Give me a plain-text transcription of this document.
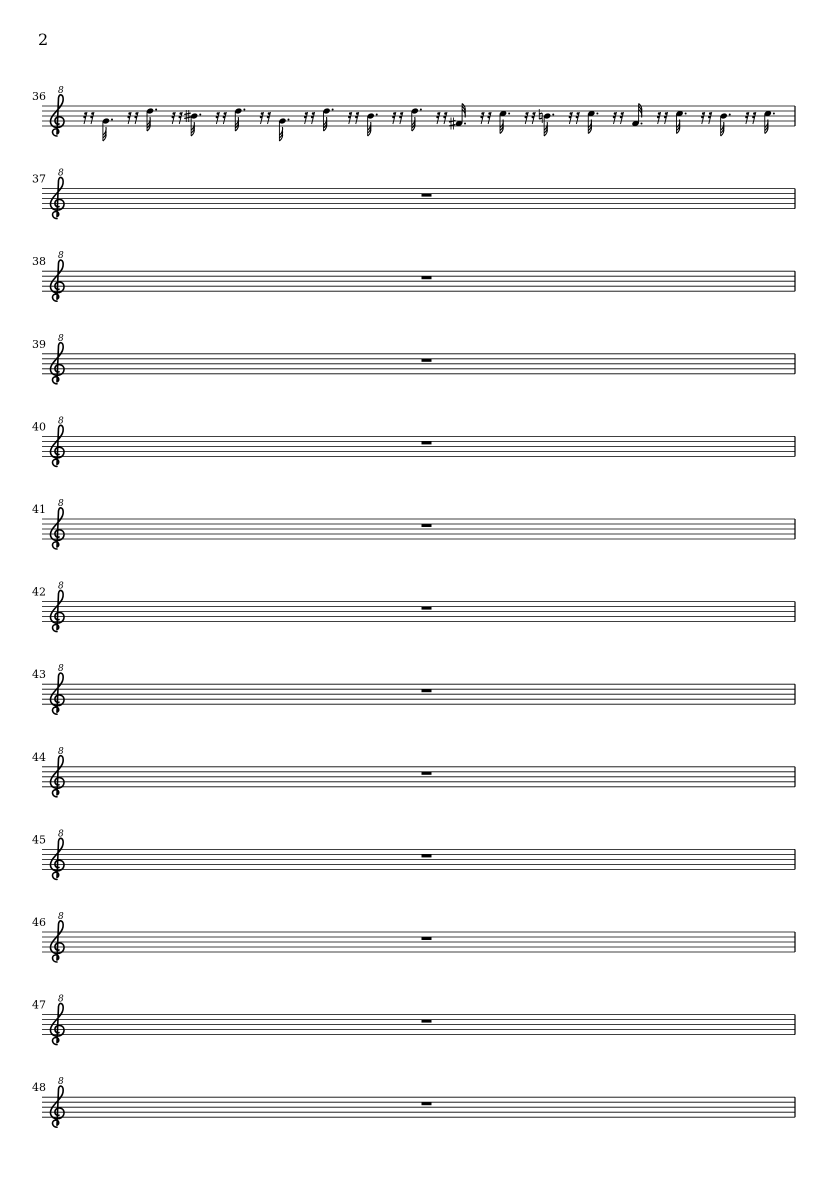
2
8
36
8
37
8
38
8
39
8
40
8
41
8
42
8
43
8
44
8
45
8
46
8
47
8
48
